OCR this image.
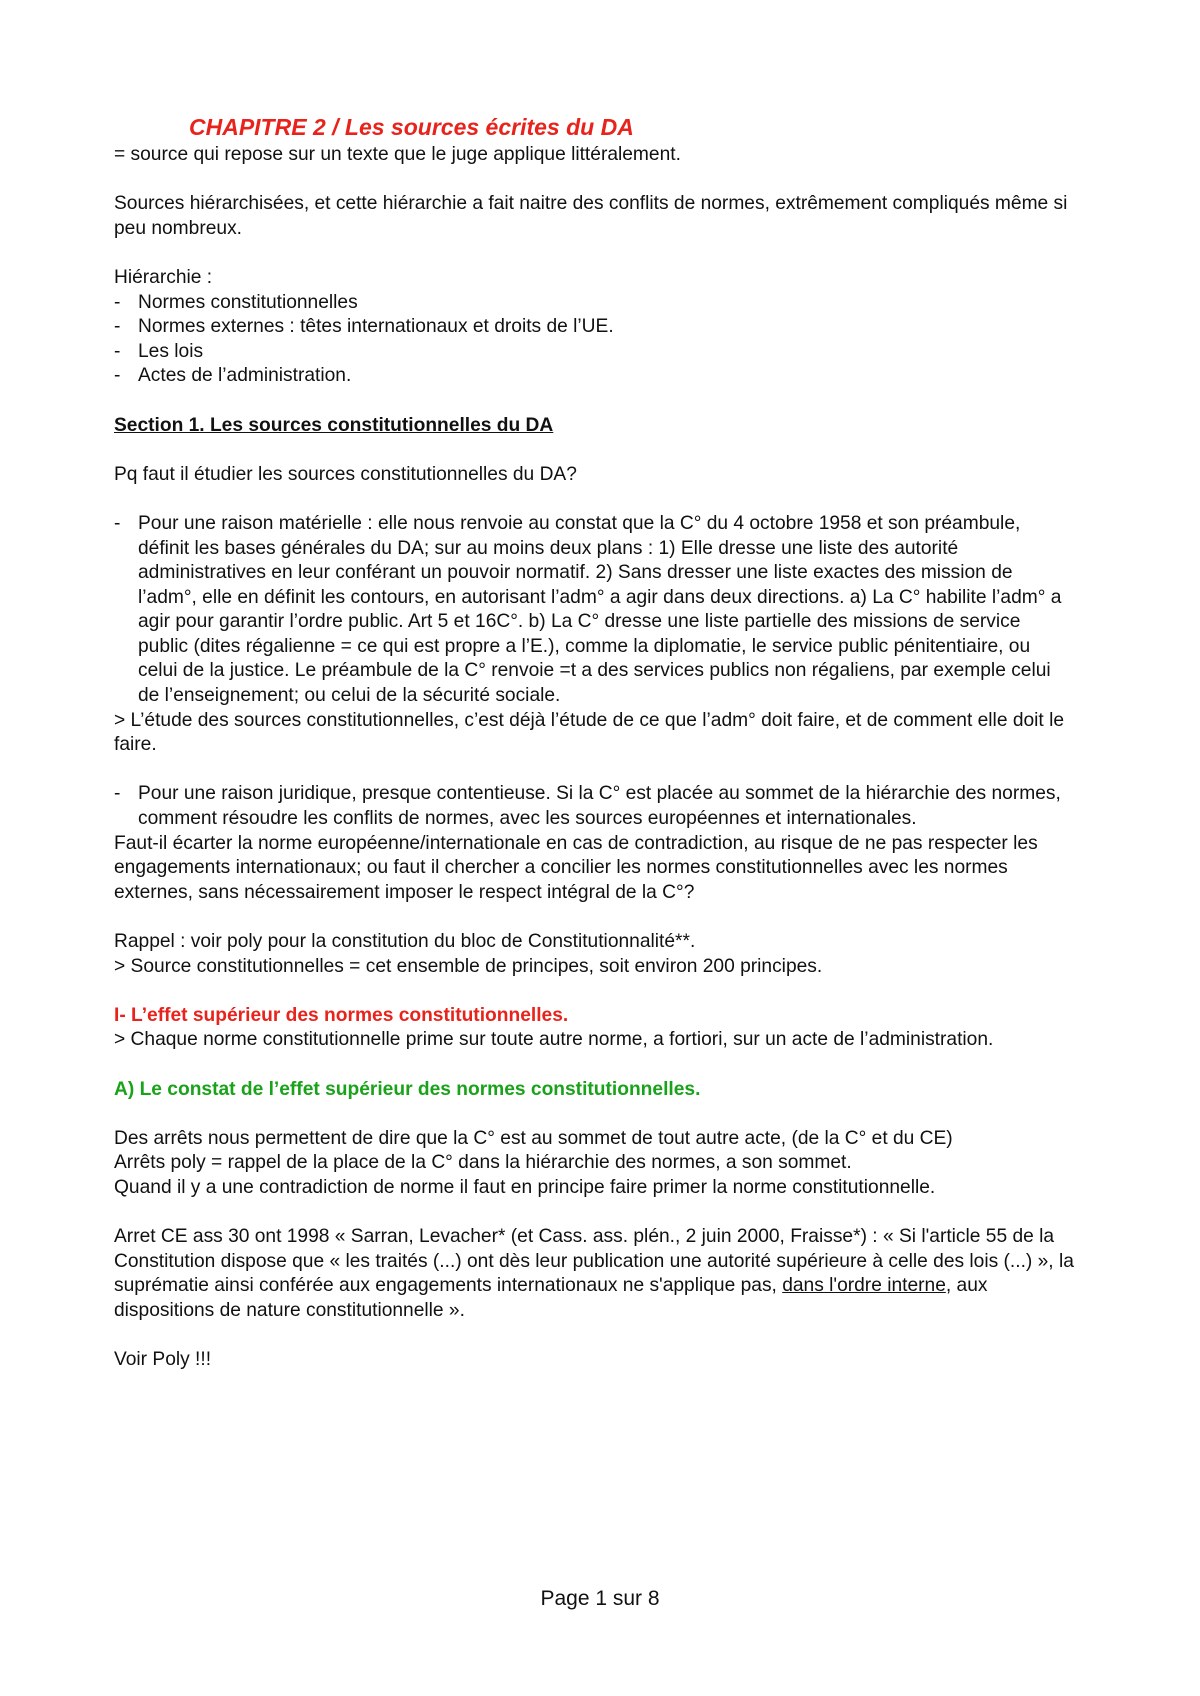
CHAPITRE 2 / Les sources écrites du DA

= source qui repose sur un texte que le juge applique littéralement.

Sources hiérarchisées, et cette hiérarchie a fait naitre des conflits de normes, extrêmement compliqués même si peu nombreux.

Hiérarchie :

- Normes constitutionnelles
- Normes externes : têtes internationaux et droits de l’UE.
- Les lois
- Actes de l’administration.

Section 1. Les sources constitutionnelles du DA

Pq faut il étudier les sources constitutionnelles du DA?

- Pour une raison matérielle : elle nous renvoie au constat que la C° du 4 octobre 1958 et son préambule, définit les bases générales du DA; sur au moins deux plans : 1) Elle dresse une liste des autorité administratives en leur conférant un pouvoir normatif. 2) Sans dresser une liste exactes des mission de l’adm°, elle en définit les contours, en autorisant l’adm° a agir dans deux directions. a) La C° habilite l’adm° a agir pour garantir l’ordre public. Art 5 et 16C°. b) La C° dresse une liste partielle des missions de service public (dites régalienne = ce qui est propre a l’E.), comme la diplomatie, le service public pénitentiaire, ou celui de la justice. Le préambule de la C° renvoie =t a des services publics non régaliens, par exemple celui de l’enseignement; ou celui de la sécurité sociale.

> L’étude des sources constitutionnelles, c’est déjà l’étude de ce que l’adm° doit faire, et de comment elle doit le faire.

- Pour une raison juridique, presque contentieuse. Si la C° est placée au sommet de la hiérarchie des normes, comment résoudre les conflits de normes, avec les sources européennes et internationales.

Faut-il écarter la norme européenne/internationale en cas de contradiction, au risque de ne pas respecter les engagements internationaux; ou faut il chercher a concilier les normes constitutionnelles avec les normes externes, sans nécessairement imposer le respect intégral de la C°?

Rappel : voir poly pour la constitution du bloc de Constitutionnalité**.

> Source constitutionnelles = cet ensemble de principes, soit environ 200 principes.

I- L’effet supérieur des normes constitutionnelles.

> Chaque norme constitutionnelle prime sur toute autre norme, a fortiori, sur un acte de l’administration.

A) Le constat de l’effet supérieur des normes constitutionnelles.

Des arrêts nous permettent de dire que la C° est au sommet de tout autre acte, (de la C° et du CE)

Arrêts poly = rappel de la place de la C° dans la hiérarchie des normes, a son sommet.

Quand il y a une contradiction de norme il faut en principe faire primer la norme constitutionnelle.

Arret CE ass 30 ont 1998 « Sarran, Levacher* (et Cass. ass. plén., 2 juin 2000, Fraisse*) : « Si l'article 55 de la Constitution dispose que « les traités (...) ont dès leur publication une autorité supérieure à celle des lois (...) », la suprématie ainsi conférée aux engagements internationaux ne s'applique pas, dans l'ordre interne, aux dispositions de nature constitutionnelle ».

Voir Poly !!!

Page 1 sur 8
